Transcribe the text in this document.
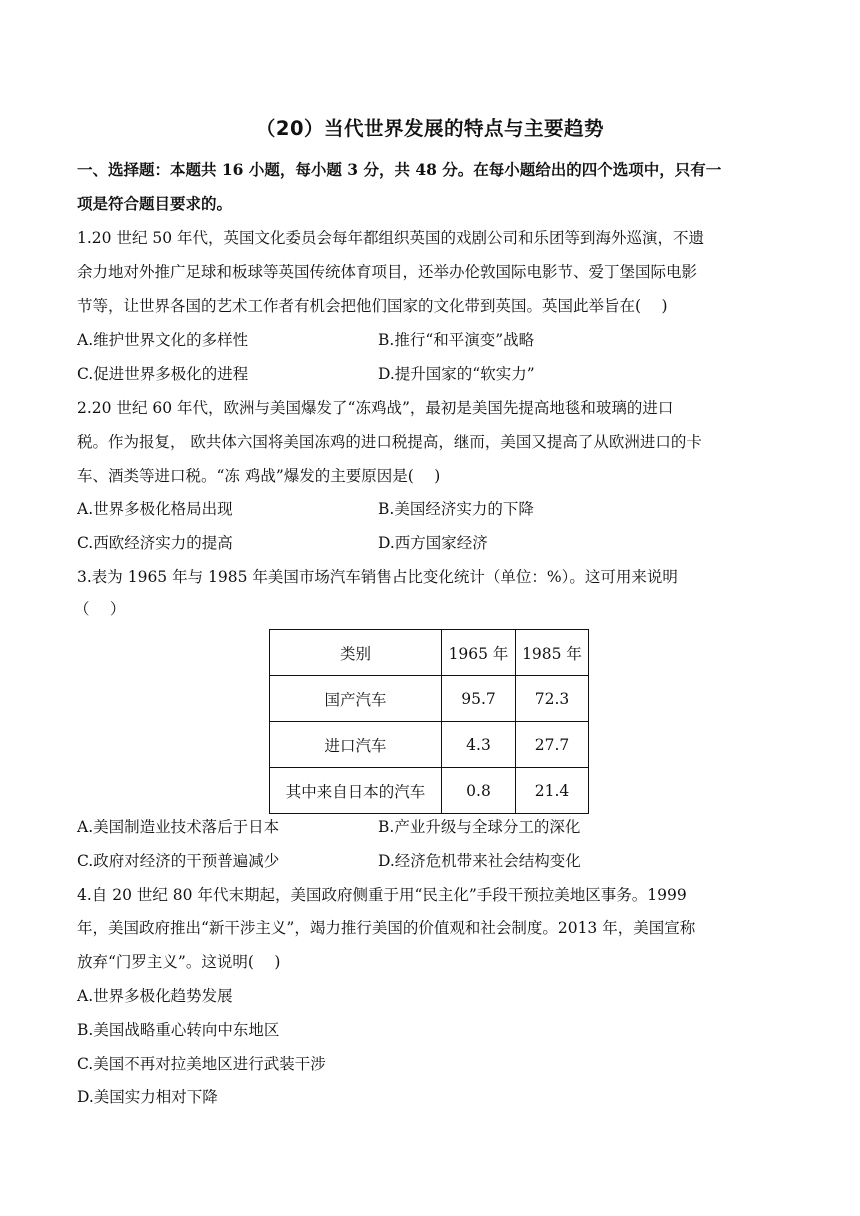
（20）当代世界发展的特点与主要趋势
一、选择题：本题共 16 小题，每小题 3 分，共 48 分。在每小题给出的四个选项中，只有一
项是符合题目要求的。
1.20 世纪 50 年代，英国文化委员会每年都组织英国的戏剧公司和乐团等到海外巡演，不遗
余力地对外推广足球和板球等英国传统体育项目，还举办伦敦国际电影节、爱丁堡国际电影
节等，让世界各国的艺术工作者有机会把他们国家的文化带到英国。英国此举旨在(　 )
A.维护世界文化的多样性	B.推行“和平演变”战略
C.促进世界多极化的进程	D.提升国家的“软实力”
2.20 世纪 60 年代，欧洲与美国爆发了“冻鸡战”，最初是美国先提高地毯和玻璃的进口
税。作为报复， 欧共体六国将美国冻鸡的进口税提高，继而，美国又提高了从欧洲进口的卡
车、酒类等进口税。“冻 鸡战”爆发的主要原因是(　 )
A.世界多极化格局出现	B.美国经济实力的下降
C.西欧经济实力的提高	D.西方国家经济
3.表为 1965 年与 1985 年美国市场汽车销售占比变化统计（单位：%）。这可用来说明
（　 ）
类别	1965 年	1985 年
国产汽车	95.7	72.3
进口汽车	4.3	27.7
其中来自日本的汽车	0.8	21.4
A.美国制造业技术落后于日本	B.产业升级与全球分工的深化
C.政府对经济的干预普遍减少	D.经济危机带来社会结构变化
4.自 20 世纪 80 年代末期起，美国政府侧重于用“民主化”手段干预拉美地区事务。1999
年，美国政府推出“新干涉主义”，竭力推行美国的价值观和社会制度。2013 年，美国宣称
放弃“门罗主义”。这说明(　 )
A.世界多极化趋势发展
B.美国战略重心转向中东地区
C.美国不再对拉美地区进行武装干涉
D.美国实力相对下降
